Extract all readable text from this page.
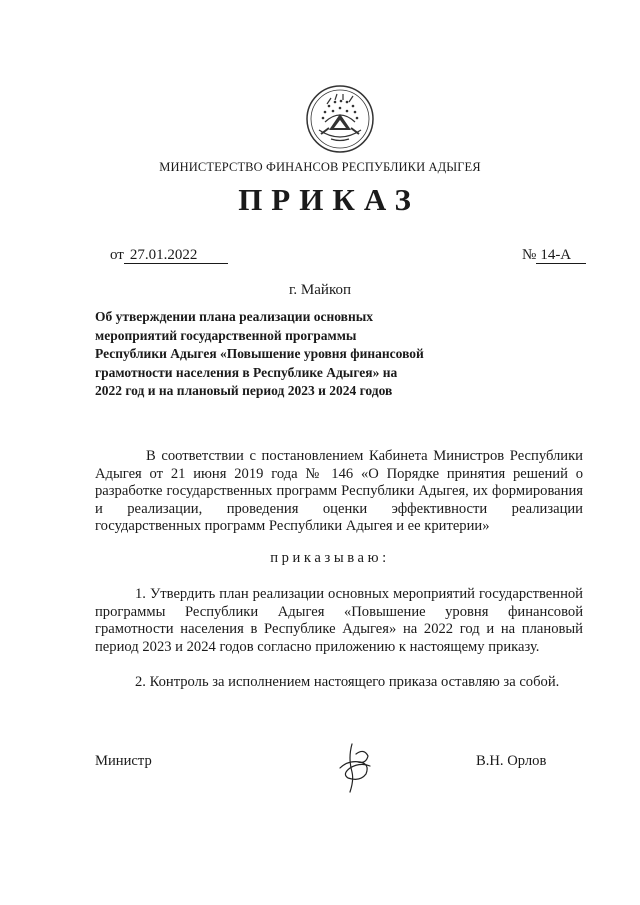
МИНИСТЕРСТВО ФИНАНСОВ РЕСПУБЛИКИ АДЫГЕЯ
ПРИКАЗ
от 27.01.2022	№ 14-А
г. Майкоп
Об утверждении плана реализации основных мероприятий государственной программы Республики Адыгея «Повышение уровня финансовой грамотности населения в Республике Адыгея» на 2022 год и на плановый период 2023 и 2024 годов
В соответствии с постановлением Кабинета Министров Республики Адыгея от 21 июня 2019 года № 146 «О Порядке принятия решений о разработке государственных программ Республики Адыгея, их формирования и реализации, проведения оценки эффективности реализации государственных программ Республики Адыгея и ее критерии»
приказываю:
1. Утвердить план реализации основных мероприятий государственной программы Республики Адыгея «Повышение уровня финансовой грамотности населения в Республике Адыгея» на 2022 год и на плановый период 2023 и 2024 годов согласно приложению к настоящему приказу.
2. Контроль за исполнением настоящего приказа оставляю за собой.
Министр	В.Н. Орлов
